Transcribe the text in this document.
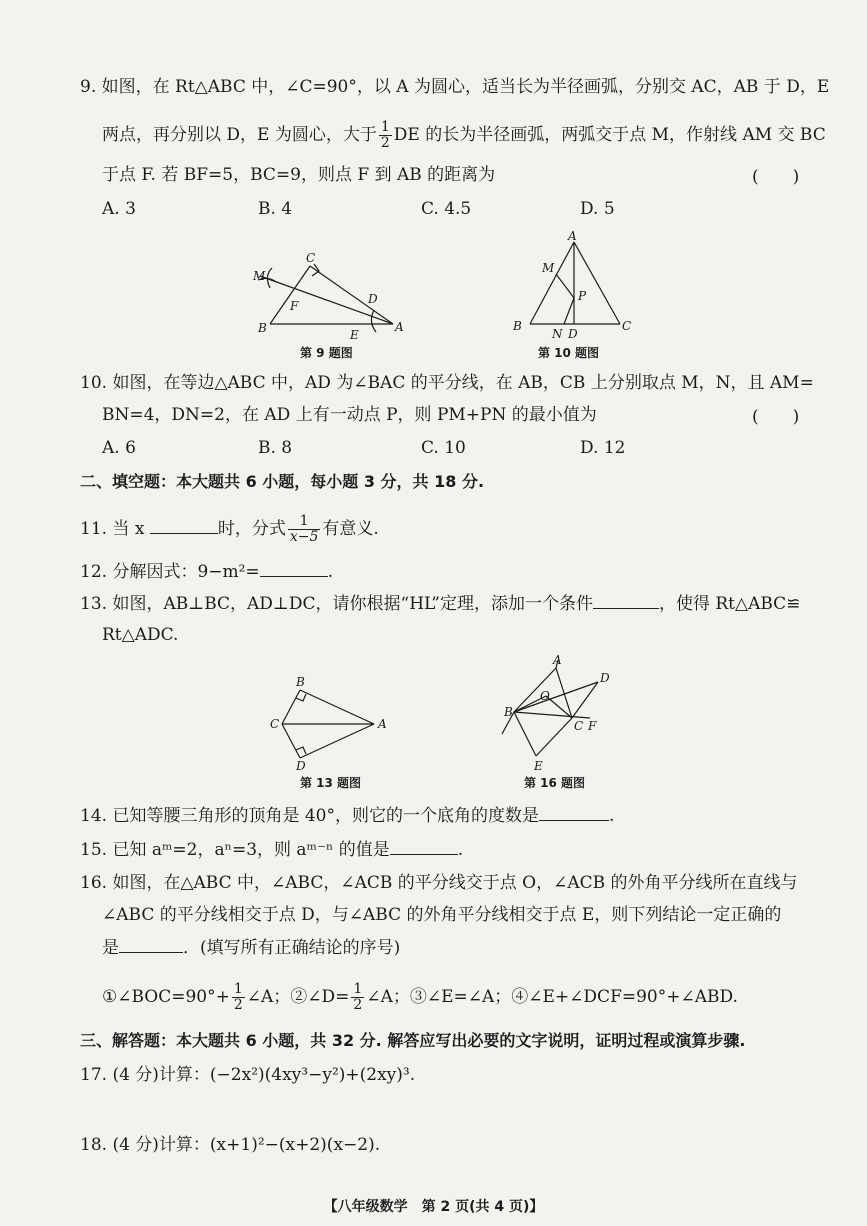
9. 如图，在 Rt△ABC 中，∠C=90°，以 A 为圆心，适当长为半径画弧，分别交 AC，AB 于 D，E
两点，再分别以 D，E 为圆心，大于 $\frac{1}{2}$ DE 的长为半径画弧，两弧交于点 M，作射线 AM 交 BC
于点 F. 若 BF=5，BC=9，则点 F 到 AB 的距离为	(　　)
A. 3	B. 4	C. 4.5	D. 5
M
C
F	D
B	E
A
第 9 题图
A
M
P
B
N D
C
第 10 题图
10. 如图，在等边△ABC 中，AD 为∠BAC 的平分线，在 AB，CB 上分别取点 M，N，且 AM=
BN=4，DN=2，在 AD 上有一动点 P，则 PM+PN 的最小值为	(　　)
A. 6	B. 8	C. 10	D. 12
二、填空题：本大题共 6 小题，每小题 3 分，共 18 分.
11. 当 x	时，分式 $\frac{1}{x-5}$ 有意义.
12. 分解因式：9−m²=	.
13. 如图，AB⊥BC，AD⊥DC，请你根据“HL”定理，添加一个条件	，使得 Rt△ABC≌
Rt△ADC.
B
C	A
D
第 13 题图
A
D
O
B
C F
E
第 16 题图
14. 已知等腰三角形的顶角是 40°，则它的一个底角的度数是	.
15. 已知 aᵐ=2，aⁿ=3，则 aᵐ⁻ⁿ 的值是	.
16. 如图，在△ABC 中，∠ABC，∠ACB 的平分线交于点 O，∠ACB 的外角平分线所在直线与
∠ABC 的平分线相交于点 D，与∠ABC 的外角平分线相交于点 E，则下列结论一定正确的
是	．(填写所有正确结论的序号)
①∠BOC=90°+ $\frac{1}{2}$ ∠A；②∠D= $\frac{1}{2}$ ∠A；③∠E=∠A；④∠E+∠DCF=90°+∠ABD.
三、解答题：本大题共 6 小题，共 32 分. 解答应写出必要的文字说明，证明过程或演算步骤.
17. (4 分)计算：(−2x²)(4xy³−y²)+(2xy)³.
18. (4 分)计算：(x+1)²−(x+2)(x−2).
【八年级数学　第 2 页(共 4 页)】
